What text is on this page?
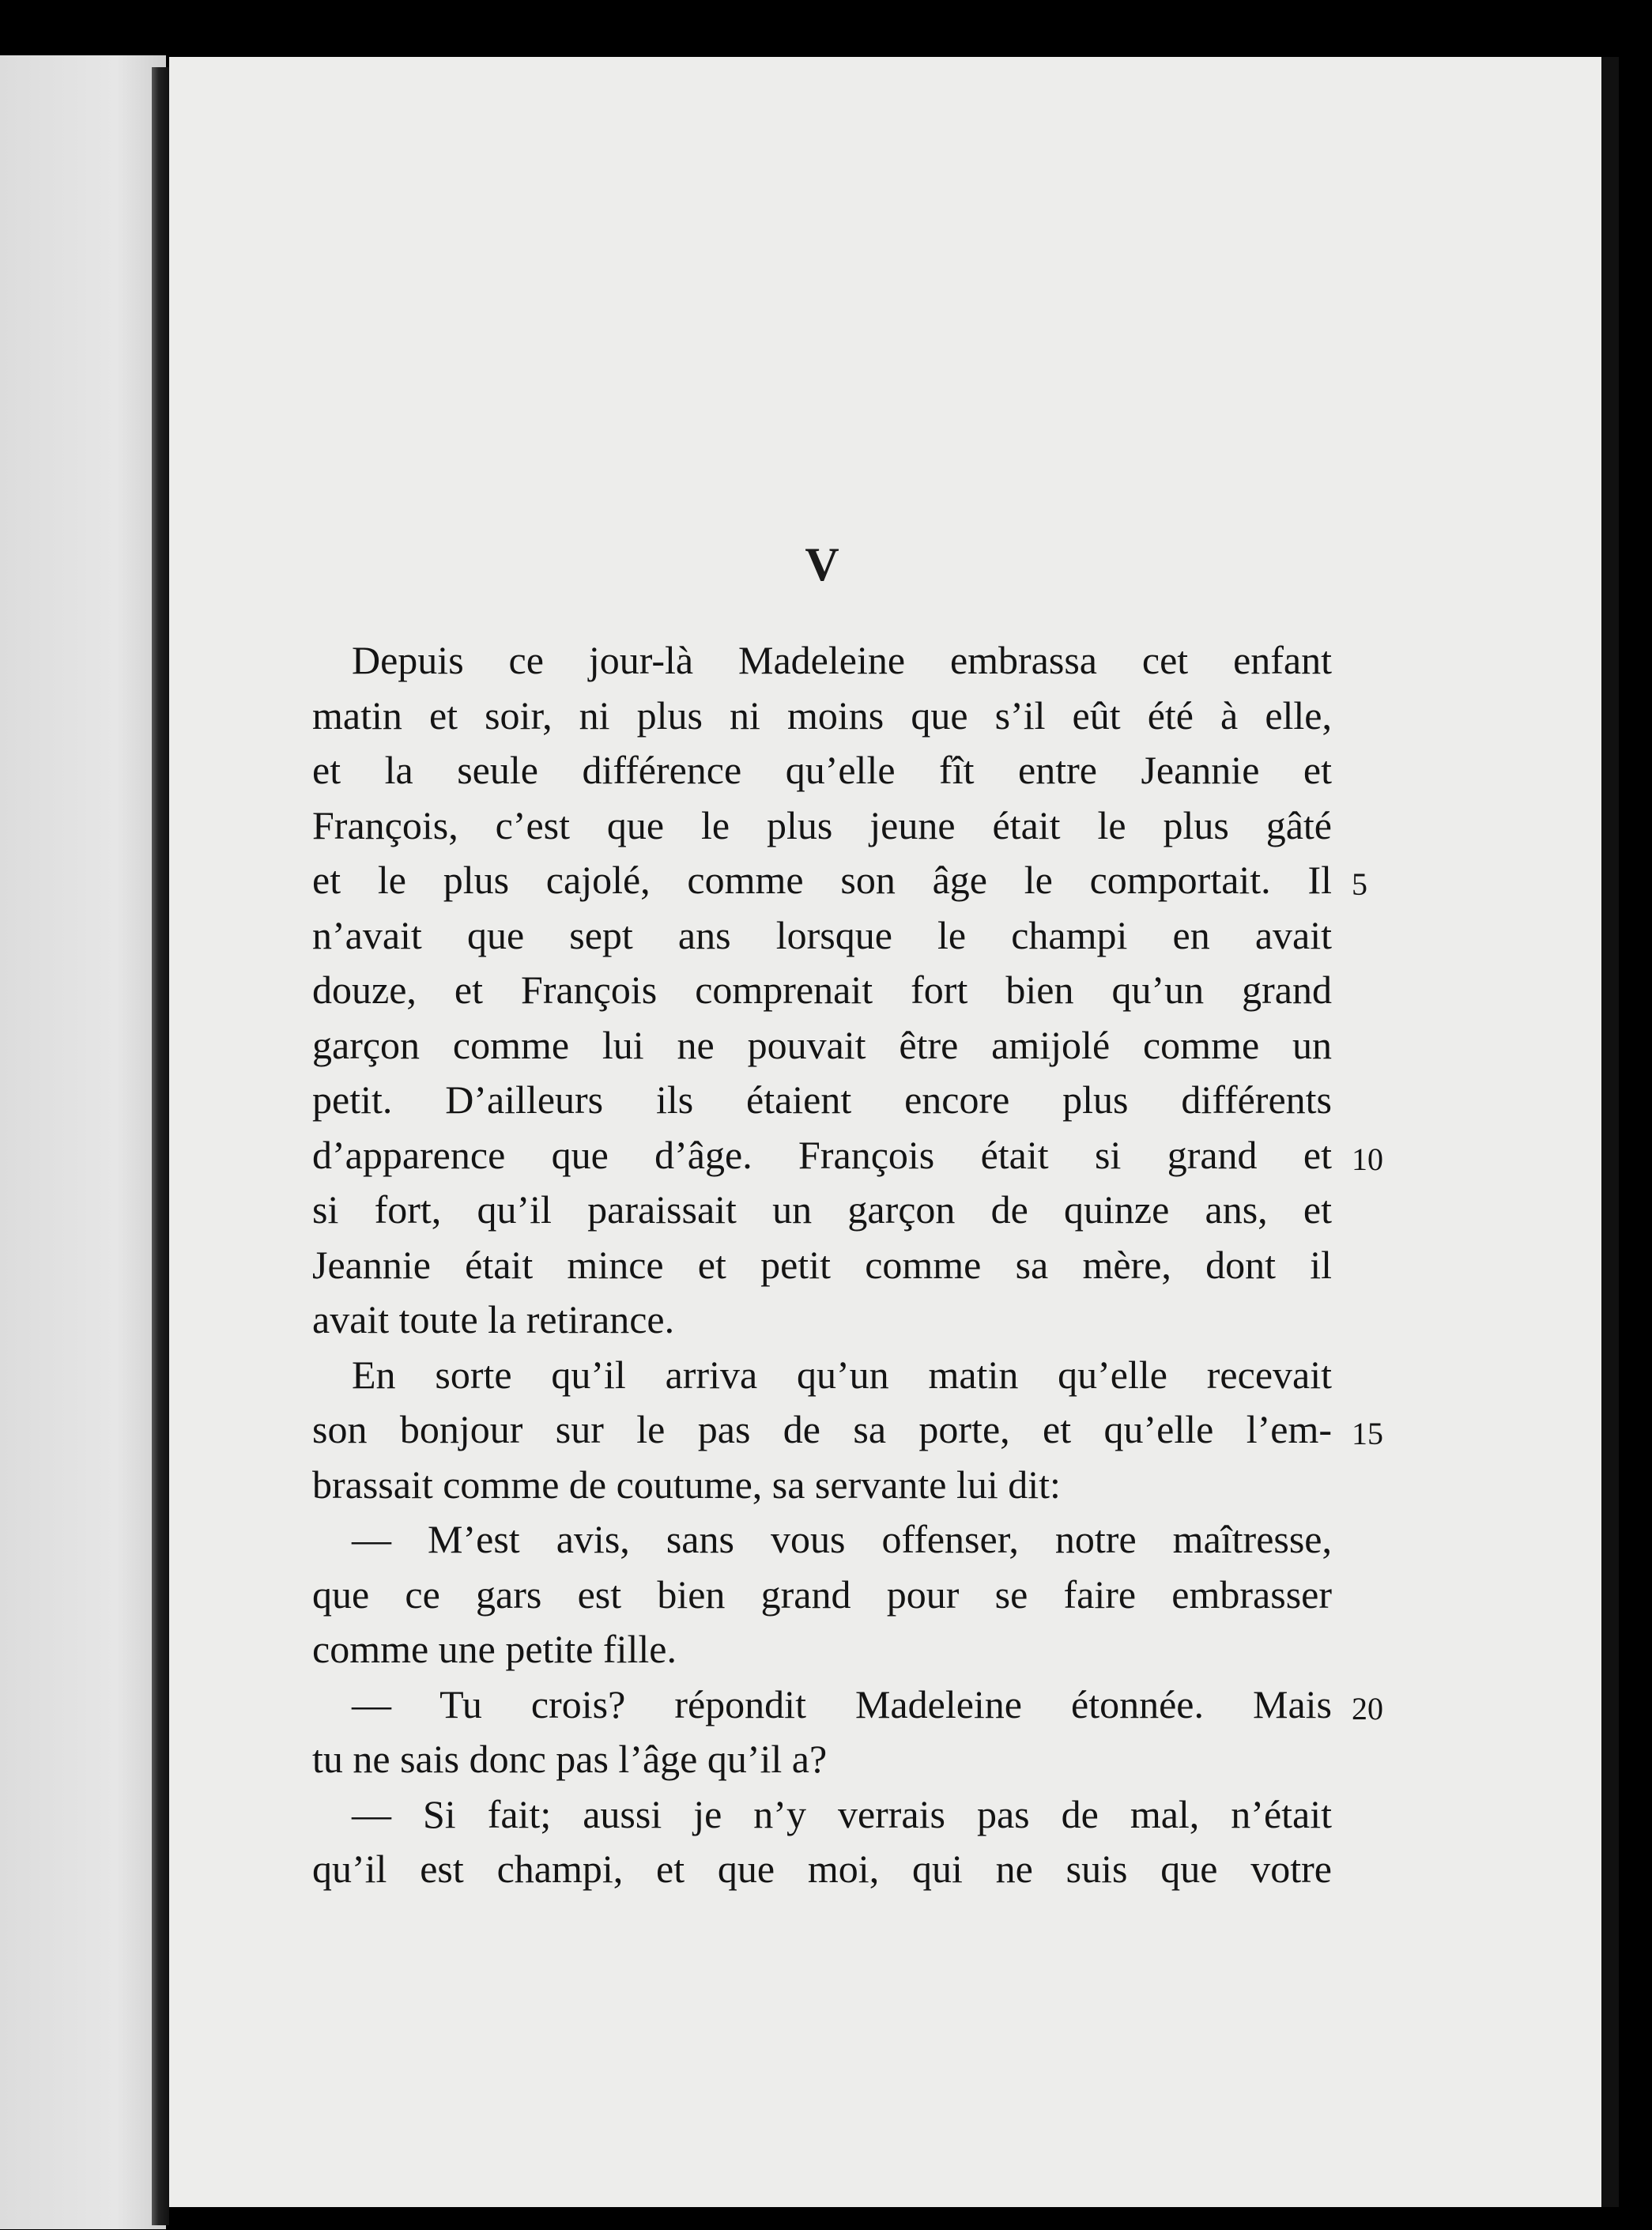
V
Depuis ce jour-là Madeleine embrassa cet enfant
matin et soir, ni plus ni moins que s’il eût été à elle,
et la seule différence qu’elle fît entre Jeannie et
François, c’est que le plus jeune était le plus gâté
et le plus cajolé, comme son âge le comportait. Il
n’avait que sept ans lorsque le champi en avait
douze, et François comprenait fort bien qu’un grand
garçon comme lui ne pouvait être amijolé comme un
petit. D’ailleurs ils étaient encore plus différents
d’apparence que d’âge. François était si grand et
si fort, qu’il paraissait un garçon de quinze ans, et
Jeannie était mince et petit comme sa mère, dont il
avait toute la retirance.
En sorte qu’il arriva qu’un matin qu’elle recevait
son bonjour sur le pas de sa porte, et qu’elle l’em-
brassait comme de coutume, sa servante lui dit:
— M’est avis, sans vous offenser, notre maîtresse,
que ce gars est bien grand pour se faire embrasser
comme une petite fille.
— Tu crois? répondit Madeleine étonnée. Mais
tu ne sais donc pas l’âge qu’il a?
— Si fait; aussi je n’y verrais pas de mal, n’était
qu’il est champi, et que moi, qui ne suis que votre
5
10
15
20
